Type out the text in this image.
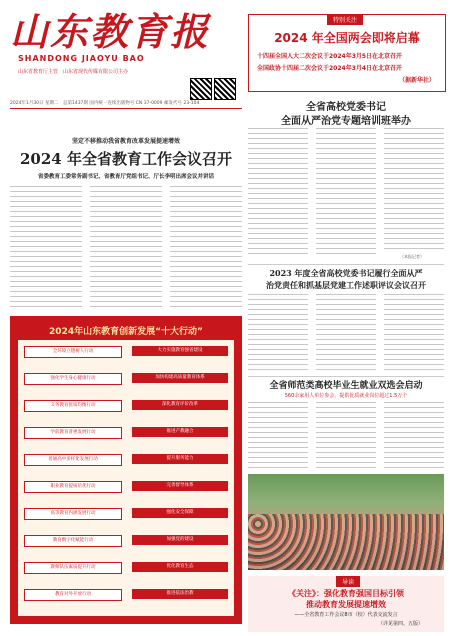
山东教育报
SHANDONG JIAOYU BAO
山东省教育厅主管　山东省现代传媒有限公司主办
2024年1月30日 星期二　总第1437期 国内统一连续出版物号 CN 37-0009 邮发代号 23-104
特别关注
2024 年全国两会即将启幕
十四届全国人大二次会议于2024年3月5日在北京召开
全国政协十四届二次会议于2024年3月4日在北京召开
（据新华社）
坚定不移推动我省教育改革发展提速增效
2024 年全省教育工作会议召开
省委教育工委常务副书记、省教育厅党组书记、厅长李明出席会议并讲话
2024年山东教育创新发展“十大行动”
全环境立德树人行动
强化学生身心健康行动
义务教育优质均衡行动
学前教育普惠发展行动
普通高中多样化发展行动
职业教育提质培优行动
高等教育内涵发展行动
教育数字化赋能行动
教师队伍素质提升行动
教育对外开放行动
大力实施教育强省建设
加快构建高质量教育体系
深化教育评价改革
推进产教融合
提升服务能力
完善督导体系
强化安全保障
加强党的建设
优化教育生态
推进依法治教
全省高校党委书记
全面从严治党专题培训班举办
（本报记者）
2023 年度全省高校党委书记履行全面从严
治党责任和抓基层党建工作述职评议会议召开
全省师范类高校毕业生就业双选会启动
560余家用人单位参会，提供优质就业岗位超过1.5万个
导读
《关注》：强化教育强国目标引领
推动教育发展提速增效
——全省教育工作会议8市（校）代表交流发言
（详见第四、五版）
